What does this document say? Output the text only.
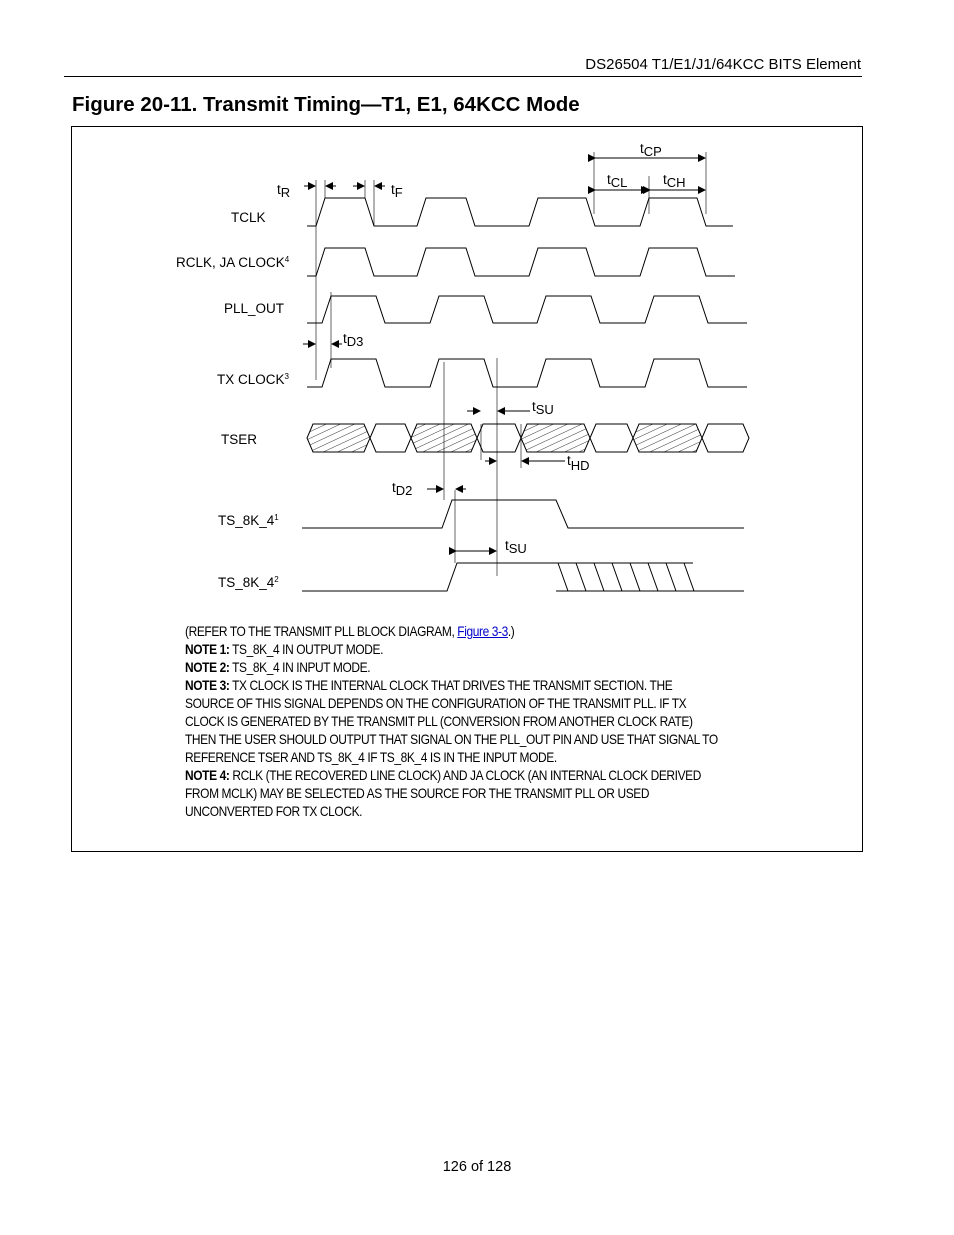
DS26504 T1/E1/J1/64KCC BITS Element
Figure 20-11. Transmit Timing—T1, E1, 64KCC Mode
TCLK
RCLK, JA CLOCK$^4$
PLL_OUT
TX CLOCK$^3$
TSER
$TS\_8K\_4^1$
$TS\_8K\_4^2$
tCP
tCL	tCH
tR	tF
tD3
tSU
tHD
tD2
tSU

(REFER TO THE TRANSMIT PLL BLOCK DIAGRAM, Figure 3-3.)

NOTE 1: TS_8K_4 IN OUTPUT MODE.

NOTE 2: TS_8K_4 IN INPUT MODE.

NOTE 3: TX CLOCK IS THE INTERNAL CLOCK THAT DRIVES THE TRANSMIT SECTION. THE SOURCE OF THIS SIGNAL DEPENDS ON THE CONFIGURATION OF THE TRANSMIT PLL. IF TX CLOCK IS GENERATED BY THE TRANSMIT PLL (CONVERSION FROM ANOTHER CLOCK RATE) THEN THE USER SHOULD OUTPUT THAT SIGNAL ON THE PLL_OUT PIN AND USE THAT SIGNAL TO REFERENCE TSER AND TS_8K_4 IF TS_8K_4 IS IN THE INPUT MODE.

NOTE 4: RCLK (THE RECOVERED LINE CLOCK) AND JA CLOCK (AN INTERNAL CLOCK DERIVED FROM MCLK) MAY BE SELECTED AS THE SOURCE FOR THE TRANSMIT PLL OR USED UNCONVERTED FOR TX CLOCK.

126 of 128
